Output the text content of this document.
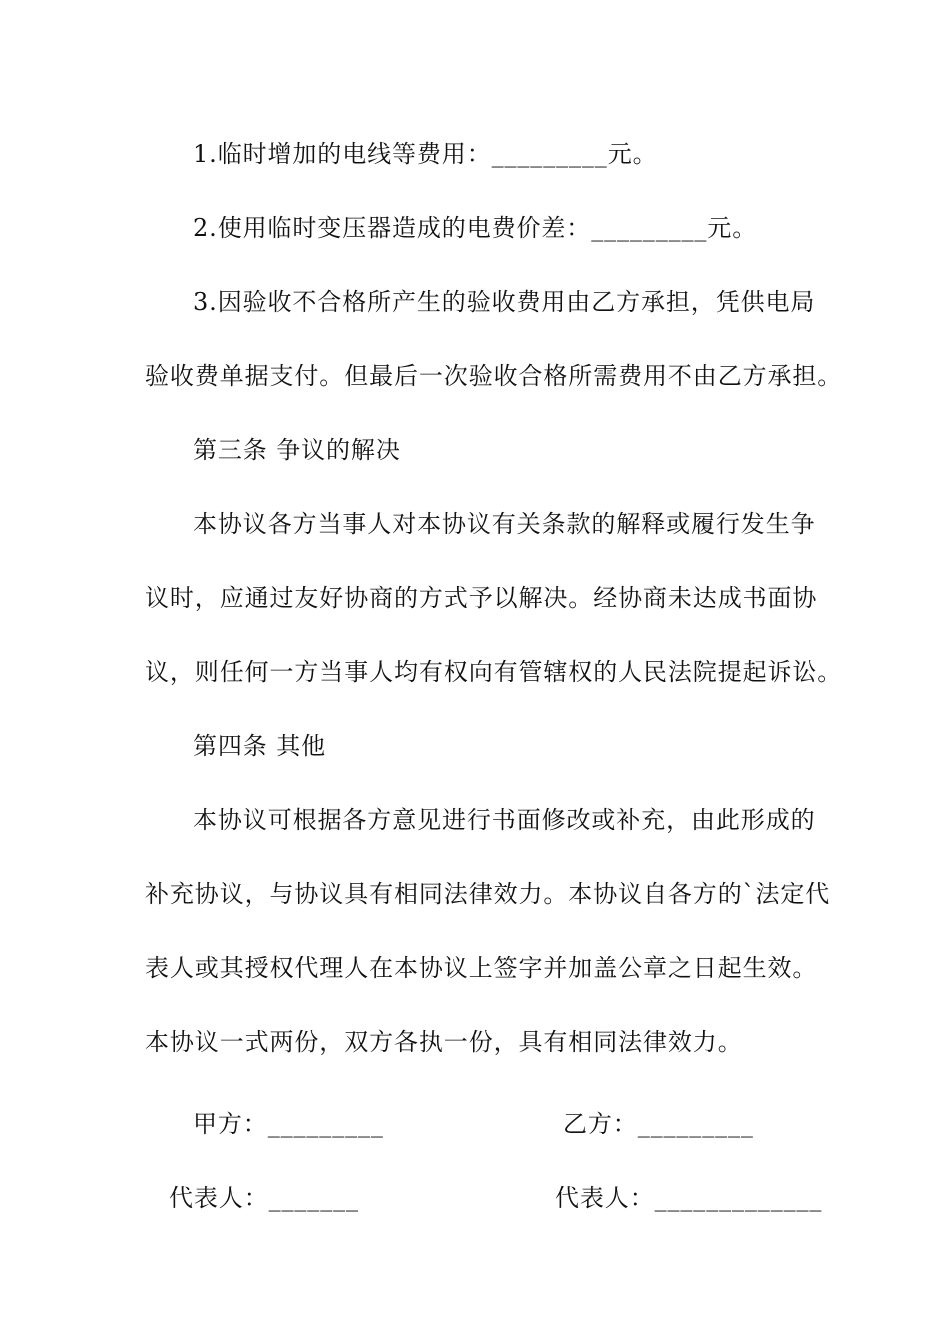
1.临时增加的电线等费用：_________元。
2.使用临时变压器造成的电费价差：_________元。
3.因验收不合格所产生的验收费用由乙方承担，凭供电局
验收费单据支付。但最后一次验收合格所需费用不由乙方承担。
第三条 争议的解决
本协议各方当事人对本协议有关条款的解释或履行发生争
议时，应通过友好协商的方式予以解决。经协商未达成书面协
议，则任何一方当事人均有权向有管辖权的人民法院提起诉讼。
第四条 其他
本协议可根据各方意见进行书面修改或补充，由此形成的
补充协议，与协议具有相同法律效力。本协议自各方的`法定代
表人或其授权代理人在本协议上签字并加盖公章之日起生效。
本协议一式两份，双方各执一份，具有相同法律效力。
甲方：_________	乙方：_________
代表人：_______	代表人：_____________
